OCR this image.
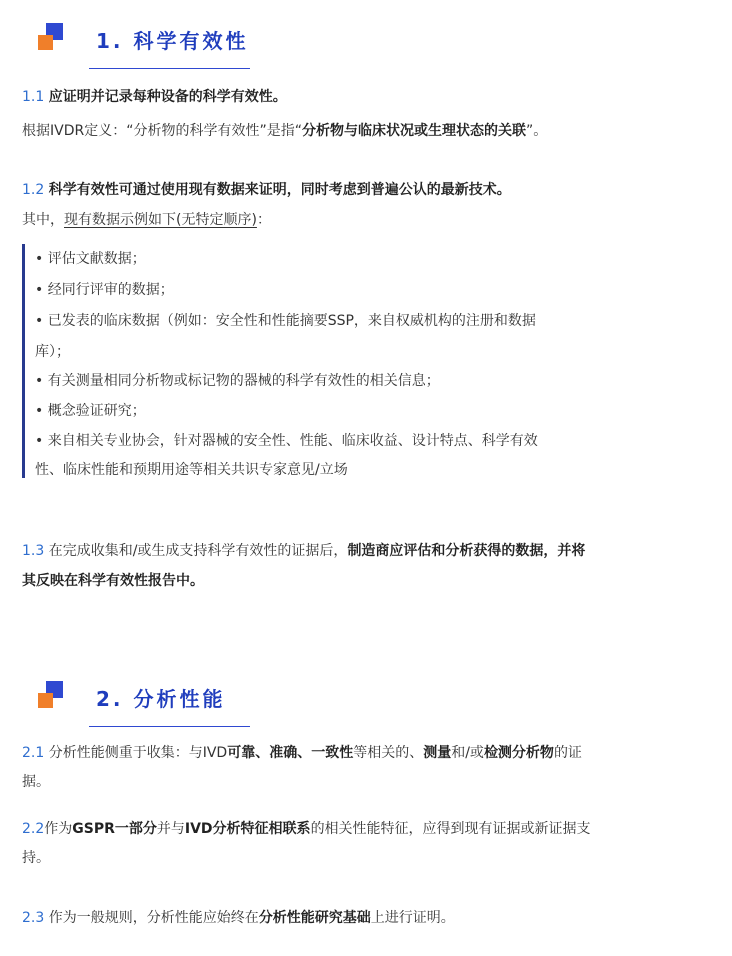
1. 科学有效性
1.1 应证明并记录每种设备的科学有效性。
根据IVDR定义：“分析物的科学有效性”是指“分析物与临床状况或生理状态的关联”。
1.2 科学有效性可通过使用现有数据来证明，同时考虑到普遍公认的最新技术。
其中，现有数据示例如下(无特定顺序)：
• 评估文献数据；
• 经同行评审的数据；
• 已发表的临床数据（例如：安全性和性能摘要SSP，来自权威机构的注册和数据
库）；
• 有关测量相同分析物或标记物的器械的科学有效性的相关信息；
• 概念验证研究；
• 来自相关专业协会，针对器械的安全性、性能、临床收益、设计特点、科学有效
性、临床性能和预期用途等相关共识专家意见/立场
1.3 在完成收集和/或生成支持科学有效性的证据后，制造商应评估和分析获得的数据，并将
其反映在科学有效性报告中。
2. 分析性能
2.1 分析性能侧重于收集：与IVD可靠、准确、一致性等相关的、测量和/或检测分析物的证
据。
2.2作为GSPR一部分并与IVD分析特征相联系的相关性能特征，应得到现有证据或新证据支
持。
2.3 作为一般规则，分析性能应始终在分析性能研究基础上进行证明。
